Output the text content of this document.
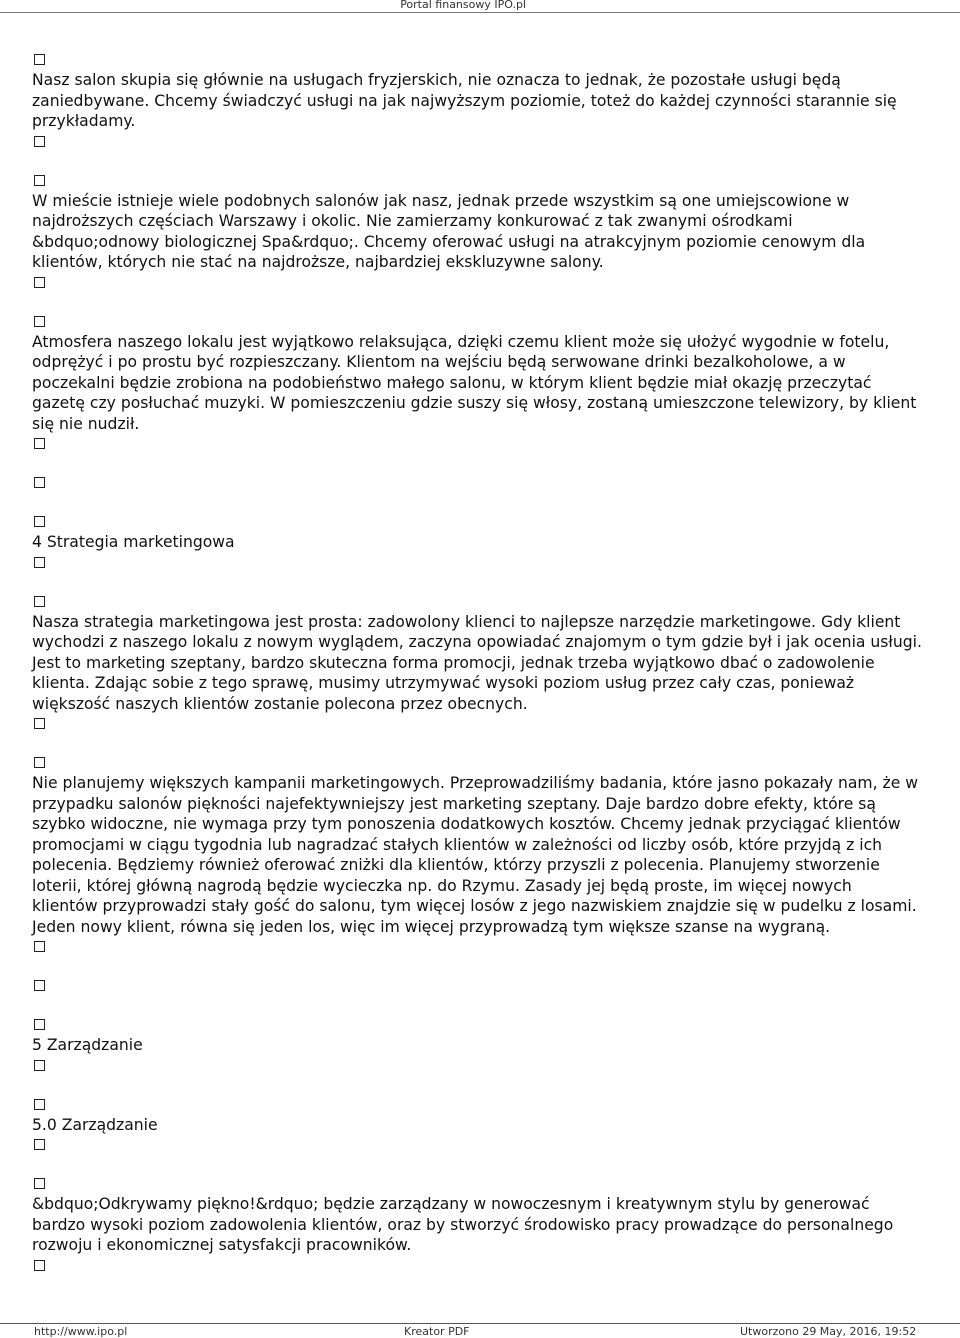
Portal finansowy IPO.pl

Nasz salon skupia się głównie na usługach fryzjerskich, nie oznacza to jednak, że pozostałe usługi będą zaniedbywane. Chcemy świadczyć usługi na jak najwyższym poziomie, toteż do każdej czynności starannie się przykładamy.

W mieście istnieje wiele podobnych salonów jak nasz, jednak przede wszystkim są one umiejscowione w najdroższych częściach Warszawy i okolic. Nie zamierzamy konkurować z tak zwanymi ośrodkami &bdquo;odnowy biologicznej Spa&rdquo;. Chcemy oferować usługi na atrakcyjnym poziomie cenowym dla klientów, których nie stać na najdroższe, najbardziej ekskluzywne salony.

Atmosfera naszego lokalu jest wyjątkowo relaksująca, dzięki czemu klient może się ułożyć wygodnie w fotelu, odprężyć i po prostu być rozpieszczany. Klientom na wejściu będą serwowane drinki bezalkoholowe, a w poczekalni będzie zrobiona na podobieństwo małego salonu, w którym klient będzie miał okazję przeczytać gazetę czy posłuchać muzyki. W pomieszczeniu gdzie suszy się włosy, zostaną umieszczone telewizory, by klient się nie nudził.

4 Strategia marketingowa

Nasza strategia marketingowa jest prosta: zadowolony klienci to najlepsze narzędzie marketingowe. Gdy klient wychodzi z naszego lokalu z nowym wyglądem, zaczyna opowiadać znajomym o tym gdzie był i jak ocenia usługi. Jest to marketing szeptany, bardzo skuteczna forma promocji, jednak trzeba wyjątkowo dbać o zadowolenie klienta. Zdając sobie z tego sprawę, musimy utrzymywać wysoki poziom usług przez cały czas, ponieważ większość naszych klientów zostanie polecona przez obecnych.

Nie planujemy większych kampanii marketingowych. Przeprowadziliśmy badania, które jasno pokazały nam, że w przypadku salonów piękności najefektywniejszy jest marketing szeptany. Daje bardzo dobre efekty, które są szybko widoczne, nie wymaga przy tym ponoszenia dodatkowych kosztów. Chcemy jednak przyciągać klientów promocjami w ciągu tygodnia lub nagradzać stałych klientów w zależności od liczby osób, które przyjdą z ich polecenia. Będziemy również oferować zniżki dla klientów, którzy przyszli z polecenia. Planujemy stworzenie loterii, której główną nagrodą będzie wycieczka np. do Rzymu. Zasady jej będą proste, im więcej nowych klientów przyprowadzi stały gość do salonu, tym więcej losów z jego nazwiskiem znajdzie się w pudelku z losami. Jeden nowy klient, równa się jeden los, więc im więcej przyprowadzą tym większe szanse na wygraną.

5 Zarządzanie

5.0 Zarządzanie

&bdquo;Odkrywamy piękno!&rdquo; będzie zarządzany w nowoczesnym i kreatywnym stylu by generować bardzo wysoki poziom zadowolenia klientów, oraz by stworzyć środowisko pracy prowadzące do personalnego rozwoju i ekonomicznej satysfakcji pracowników.

http://www.ipo.pl	Kreator PDF	Utworzono 29 May, 2016, 19:52
